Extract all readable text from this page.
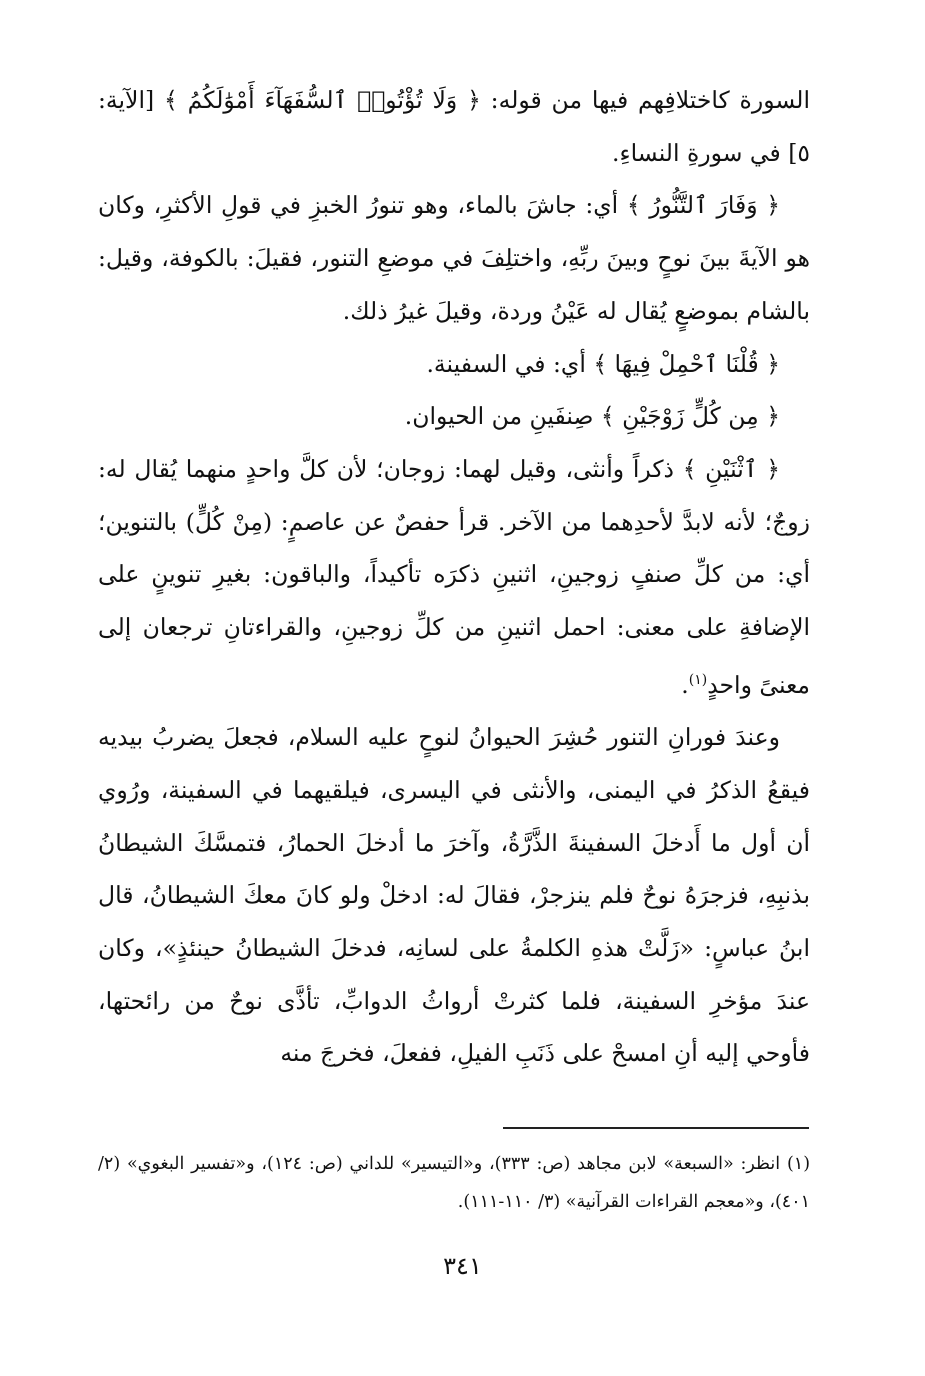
السورة كاختلافِهم فيها من قوله: ﴿ وَلَا تُؤْتُوا۟ ٱلسُّفَهَآءَ أَمْوَٰلَكُمُ ﴾ [الآية: ٥] في سورةِ النساءِ.

﴿ وَفَارَ ٱلتَّنُّورُ ﴾ أي: جاشَ بالماء، وهو تنورُ الخبزِ في قولِ الأكثرِ، وكان هو الآيةَ بينَ نوحٍ وبينَ ربِّهِ، واختلِفَ في موضعِ التنور، فقيلَ: بالكوفة، وقيل: بالشام بموضعٍ يُقال له عَيْنُ وردة، وقيلَ غيرُ ذلك.

﴿ قُلْنَا ٱحْمِلْ فِيهَا ﴾ أي: في السفينة.

﴿ مِن كُلٍّ زَوْجَيْنِ ﴾ صِنفَينِ من الحيوان.

﴿ ٱثْنَيْنِ ﴾ ذكراً وأنثى، وقيل لهما: زوجان؛ لأن كلَّ واحدٍ منهما يُقال له: زوجٌ؛ لأنه لابدَّ لأحدِهما من الآخر. قرأ حفصٌ عن عاصمٍ: (مِنْ كُلٍّ) بالتنوين؛ أي: من كلِّ صنفٍ زوجينِ، اثنينِ ذكرَه تأكيداً، والباقون: بغيرِ تنوينٍ على الإضافةِ على معنى: احمل اثنينِ من كلِّ زوجينِ، والقراءتانِ ترجعان إلى معنىً واحدٍ$^{(١)}$.

وعندَ فورانِ التنور حُشِرَ الحيوانُ لنوحٍ عليه السلام، فجعلَ يضربُ بيديه فيقعُ الذكرُ في اليمنى، والأنثى في اليسرى، فيلقيهما في السفينة، ورُوي أن أول ما أَدخلَ السفينةَ الذَّرَّةُ، وآخرَ ما أدخلَ الحمارُ، فتمسَّكَ الشيطانُ بذنبِهِ، فزجرَهُ نوحٌ فلم ينزجرْ، فقالَ له: ادخلْ ولو كانَ معكَ الشيطانُ، قال ابنُ عباسٍ: «زَلَّتْ هذهِ الكلمةُ على لسانِه، فدخلَ الشيطانُ حينئذٍ»، وكان عندَ مؤخرِ السفينة، فلما كثرتْ أرواثُ الدوابِّ، تأذَّى نوحٌ من رائحتها، فأوحي إليه أنِ امسحْ على ذَنَبِ الفيلِ، ففعلَ، فخرجَ منه

(١) انظر: «السبعة» لابن مجاهد (ص: ٣٣٣)، و«التيسير» للداني (ص: ١٢٤)، و«تفسير البغوي» (٢/ ٤٠١)، و«معجم القراءات القرآنية» (٣/ ١١٠-١١١).

٣٤١
